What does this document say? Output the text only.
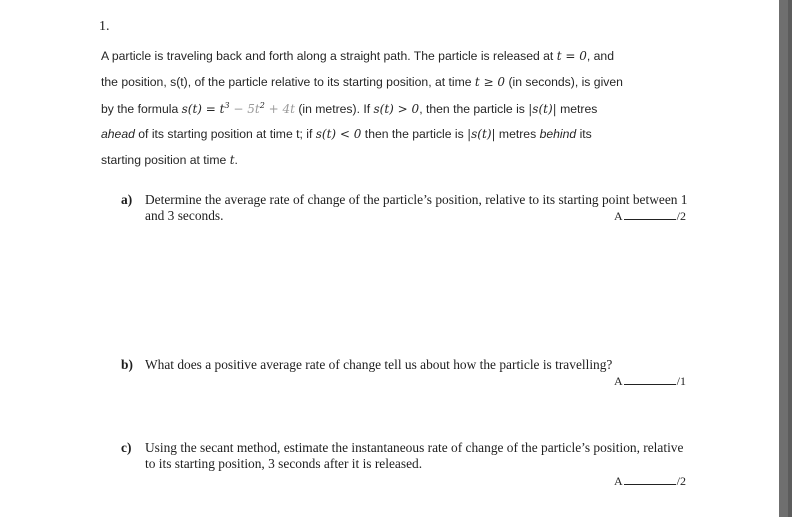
1.
A particle is traveling back and forth along a straight path. The particle is released at t = 0, and
the position, s(t), of the particle relative to its starting position, at time t ≥ 0 (in seconds), is given
by the formula $s(t) = t^3 - 5t^2 + 4t$ (in metres). If s(t) > 0, then the particle is |s(t)| metres
ahead of its starting position at time t; if s(t) < 0 then the particle is |s(t)| metres behind its
starting position at time t.
a) Determine the average rate of change of the particle’s position, relative to its starting point between 1
and 3 seconds.	A	/2
b) What does a positive average rate of change tell us about how the particle is travelling?
A	/1
c) Using the secant method, estimate the instantaneous rate of change of the particle’s position, relative
to its starting position, 3 seconds after it is released.
A	/2
